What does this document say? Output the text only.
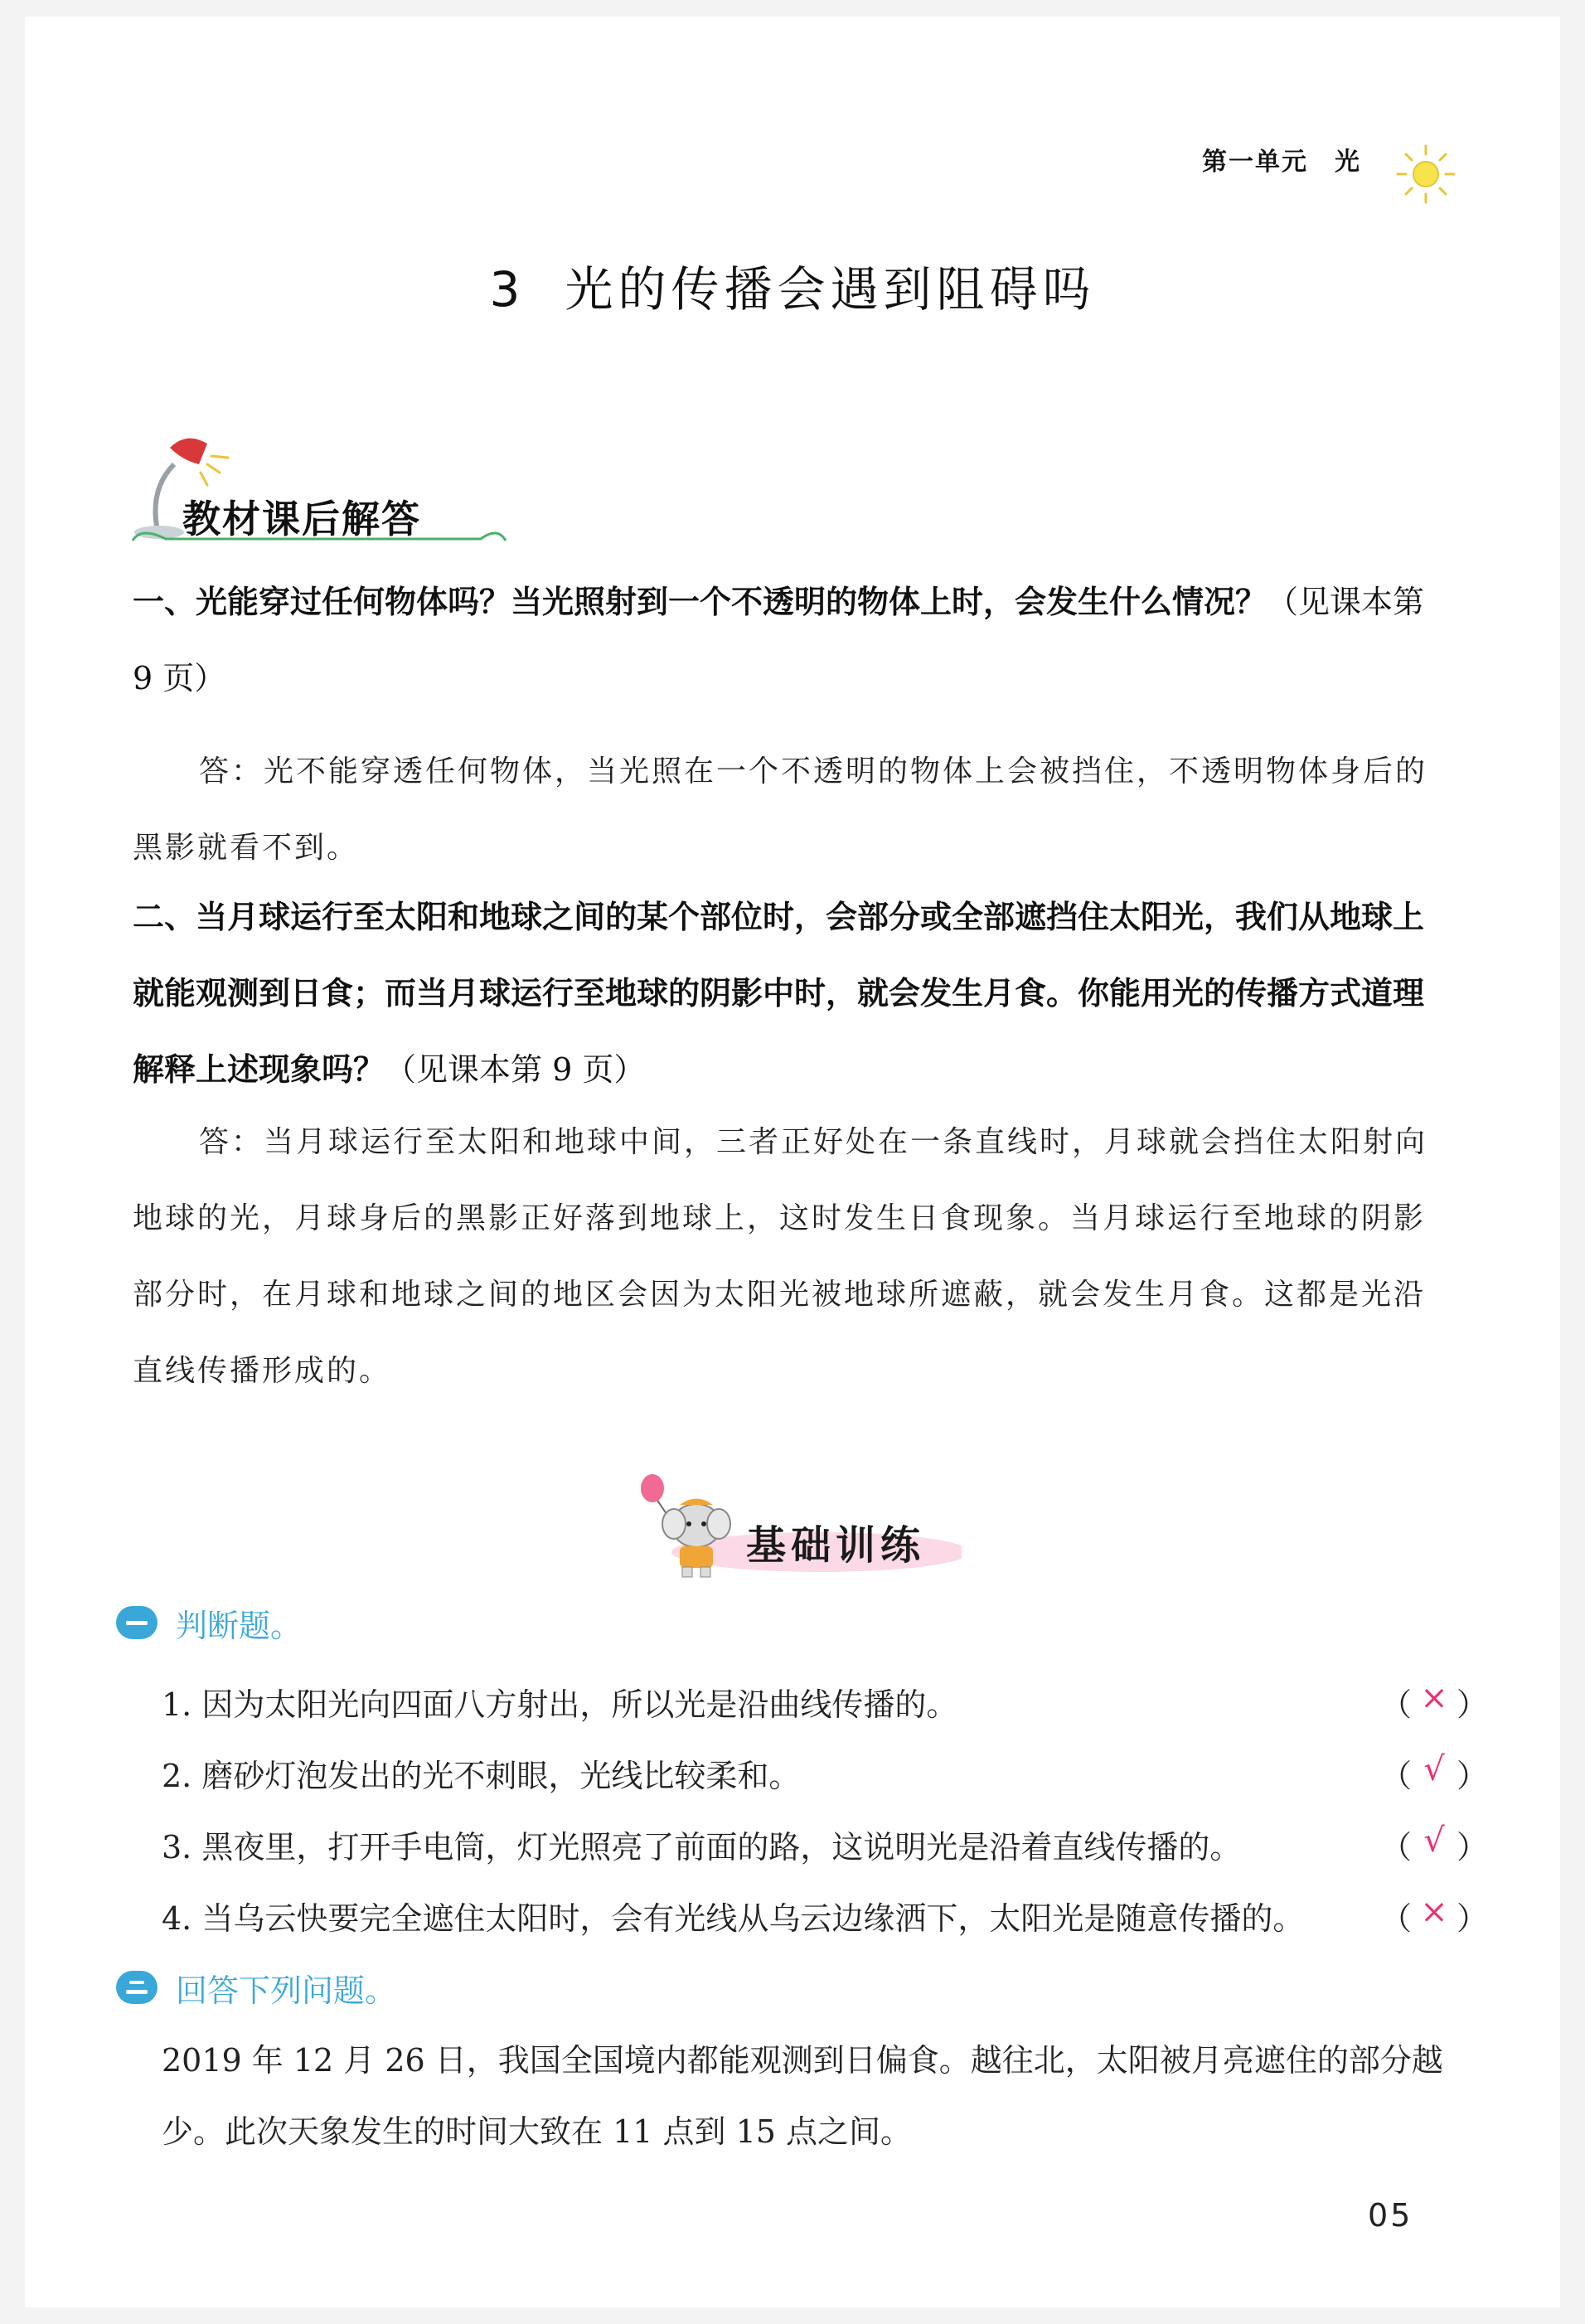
第一单元　光
3 光的传播会遇到阻碍吗
教材课后解答
一、光能穿过任何物体吗？当光照射到一个不透明的物体上时，会发生什么情况？（见课本第 9 页）
答：光不能穿透任何物体，当光照在一个不透明的物体上会被挡住，不透明物体身后的黑影就看不到。
二、当月球运行至太阳和地球之间的某个部位时，会部分或全部遮挡住太阳光，我们从地球上就能观测到日食；而当月球运行至地球的阴影中时，就会发生月食。你能用光的传播方式道理解释上述现象吗？（见课本第 9 页）
答：当月球运行至太阳和地球中间，三者正好处在一条直线时，月球就会挡住太阳射向地球的光，月球身后的黑影正好落到地球上，这时发生日食现象。当月球运行至地球的阴影部分时，在月球和地球之间的地区会因为太阳光被地球所遮蔽，就会发生月食。这都是光沿直线传播形成的。
基础训练
判断题。
1. 因为太阳光向四面八方射出，所以光是沿曲线传播的。	（ × ）
2. 磨砂灯泡发出的光不刺眼，光线比较柔和。	（ √ ）
3. 黑夜里，打开手电筒，灯光照亮了前面的路，这说明光是沿着直线传播的。	（ √ ）
4. 当乌云快要完全遮住太阳时，会有光线从乌云边缘洒下，太阳光是随意传播的。	（ × ）
回答下列问题。
2019 年 12 月 26 日，我国全国境内都能观测到日偏食。越往北，太阳被月亮遮住的部分越少。此次天象发生的时间大致在 11 点到 15 点之间。
05
